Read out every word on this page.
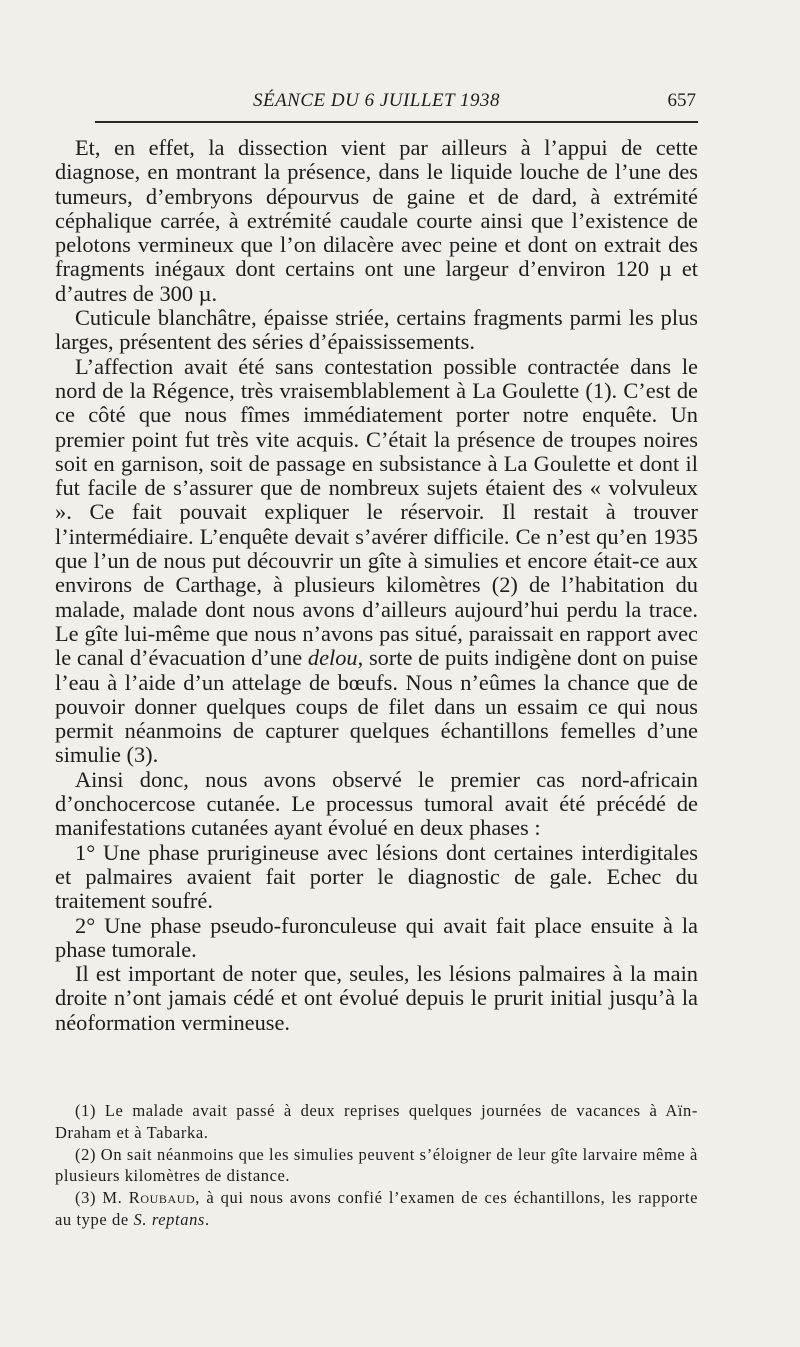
SÉANCE DU 6 JUILLET 1938	657

Et, en effet, la dissection vient par ailleurs à l’appui de cette diagnose, en montrant la présence, dans le liquide louche de l’une des tumeurs, d’embryons dépourvus de gaine et de dard, à extrémité céphalique carrée, à extrémité caudale courte ainsi que l’existence de pelotons vermineux que l’on dilacère avec peine et dont on extrait des fragments inégaux dont certains ont une largeur d’environ 120 µ et d’autres de 300 µ.

Cuticule blanchâtre, épaisse striée, certains fragments parmi les plus larges, présentent des séries d’épaississements.

L’affection avait été sans contestation possible contractée dans le nord de la Régence, très vraisemblablement à La Goulette (1). C’est de ce côté que nous fîmes immédiatement porter notre enquête. Un premier point fut très vite acquis. C’était la présence de troupes noires soit en garnison, soit de passage en subsistance à La Goulette et dont il fut facile de s’assurer que de nombreux sujets étaient des « volvuleux ». Ce fait pouvait expliquer le réservoir. Il restait à trouver l’intermédiaire. L’enquête devait s’avérer difficile. Ce n’est qu’en 1935 que l’un de nous put découvrir un gîte à simulies et encore était-ce aux environs de Carthage, à plusieurs kilomètres (2) de l’habitation du malade, malade dont nous avons d’ailleurs aujourd’hui perdu la trace. Le gîte lui-même que nous n’avons pas situé, paraissait en rapport avec le canal d’évacuation d’une delou, sorte de puits indigène dont on puise l’eau à l’aide d’un attelage de bœufs. Nous n’eûmes la chance que de pouvoir donner quelques coups de filet dans un essaim ce qui nous permit néanmoins de capturer quelques échantillons femelles d’une simulie (3).

Ainsi donc, nous avons observé le premier cas nord-africain d’onchocercose cutanée. Le processus tumoral avait été précédé de manifestations cutanées ayant évolué en deux phases :

1° Une phase prurigineuse avec lésions dont certaines interdigitales et palmaires avaient fait porter le diagnostic de gale. Echec du traitement soufré.

2° Une phase pseudo-furonculeuse qui avait fait place ensuite à la phase tumorale.

Il est important de noter que, seules, les lésions palmaires à la main droite n’ont jamais cédé et ont évolué depuis le prurit initial jusqu’à la néoformation vermineuse.

(1) Le malade avait passé à deux reprises quelques journées de vacances à Aïn-Draham et à Tabarka.

(2) On sait néanmoins que les simulies peuvent s’éloigner de leur gîte larvaire même à plusieurs kilomètres de distance.

(3) M. Roubaud, à qui nous avons confié l’examen de ces échantillons, les rapporte au type de S. reptans.
